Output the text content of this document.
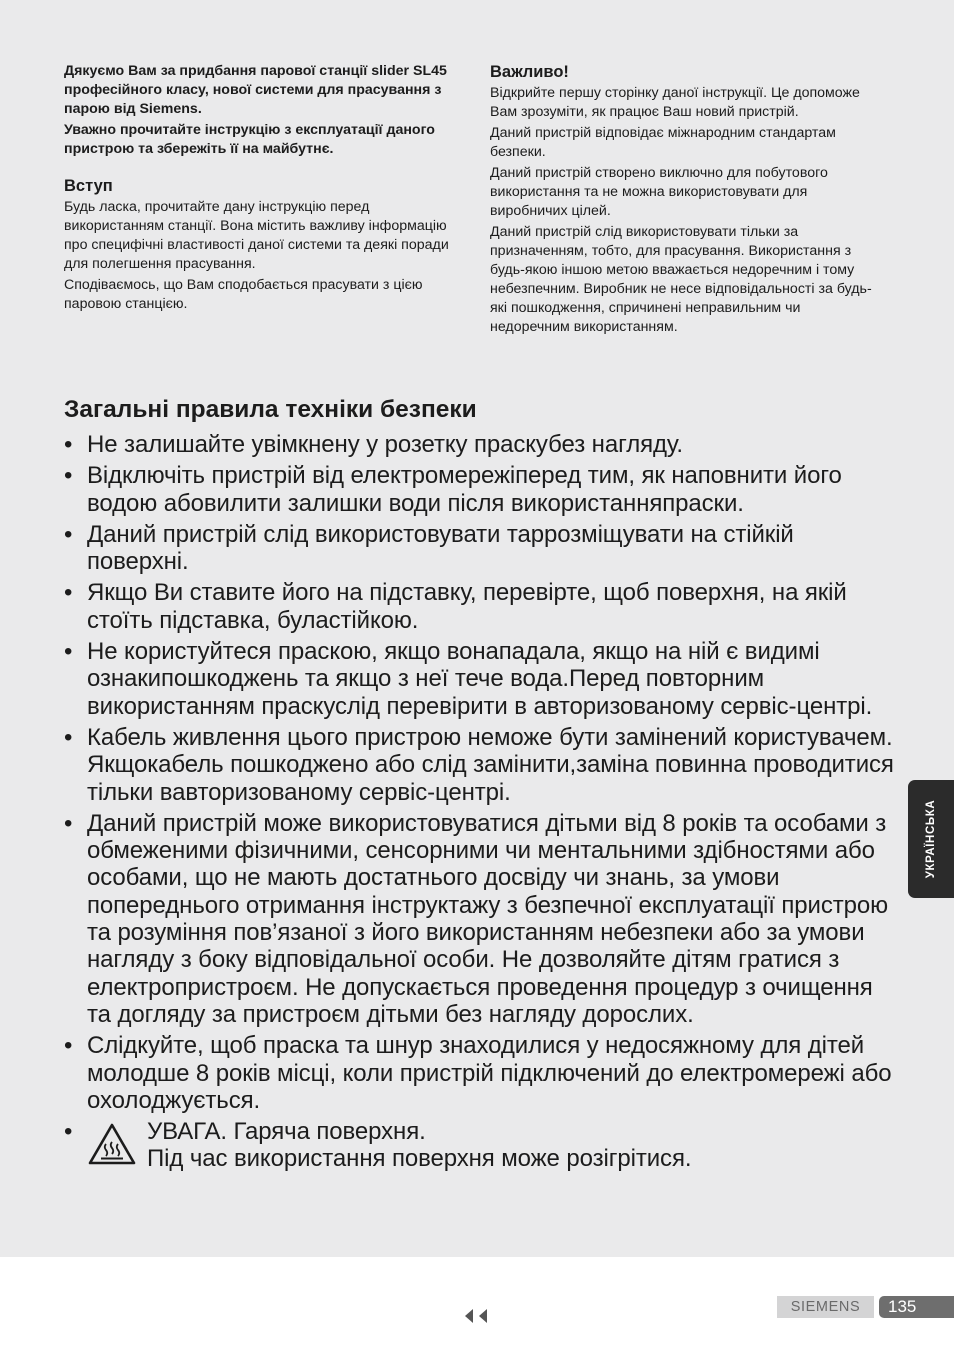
Дякуємо Вам за придбання парової станції slider SL45 професійного класу, нової системи для прасування з парою від Siemens.

Уважно прочитайте інструкцію з експлуатації даного пристрою та збережіть її на майбутнє.

Вступ

Будь ласка, прочитайте дану інструкцію перед використанням станції. Вона містить важливу інформацію про специфічні властивості даної системи та деякі поради для полегшення прасування.

Сподіваємось, що Вам сподобається прасувати з цією паровою станцією.

Важливо!

Відкрийте першу сторінку даної інструкції. Це допоможе Вам зрозуміти, як працює Ваш новий пристрій.

Даний пристрій відповідає міжнародним стандартам безпеки.

Даний пристрій створено виключно для побутового використання та не можна використовувати для виробничих цілей.

Даний пристрій слід використовувати тільки за призначенням, тобто, для прасування. Використання з будь-якою іншою метою вважається недоречним і тому небезпечним. Виробник не несе відповідальності за будь-які пошкодження, спричинені неправильним чи недоречним використанням.

Загальні правила техніки безпеки
• Не залишайте увімкнену у розетку праскубез нагляду.
• Відключіть пристрій від електромережіперед тим, як наповнити його водою абовилити залишки води після використанняпраски.
• Даний пристрій слід використовувати таррозміщувати на стійкій поверхні.
• Якщо Ви ставите його на підставку, перевірте, щоб поверхня, на якій стоїть підставка, буластійкою.
• Не користуйтеся праскою, якщо вонападала, якщо на ній є видимі ознакипошкоджень та якщо з неї тече вода.Перед повторним використанням праскуслід перевірити в авторизованому сервіс-центрі.
• Кабель живлення цього пристрою неможе бути замінений користувачем. Якщокабель пошкоджено або слід замінити,заміна повинна проводитися тільки вавторизованому сервіс-центрі.
• Даний пристрій може використовуватися дітьми від 8 років та особами з обмеженими фізичними, сенсорними чи ментальними здібностями або особами, що не мають достатнього досвіду чи знань, за умови попереднього отримання інструктажу з безпечної експлуатації пристрою та розуміння пов’язаної з його використанням небезпеки або за умови нагляду з боку відповідальної особи. Не дозволяйте дітям гратися з електропристроєм. Не допускається проведення процедур з очищення та догляду за пристроєм дітьми без нагляду дорослих.
• Слідкуйте, щоб праска та шнур знаходилися у недосяжному для дітей молодше 8 років місці, коли пристрій підключений до електромережі або охолоджується.
•	УВАГА. Гаряча поверхня.
Під час використання поверхня може розігрітися.
УКРАЇНСЬКА
SIEMENS	135
